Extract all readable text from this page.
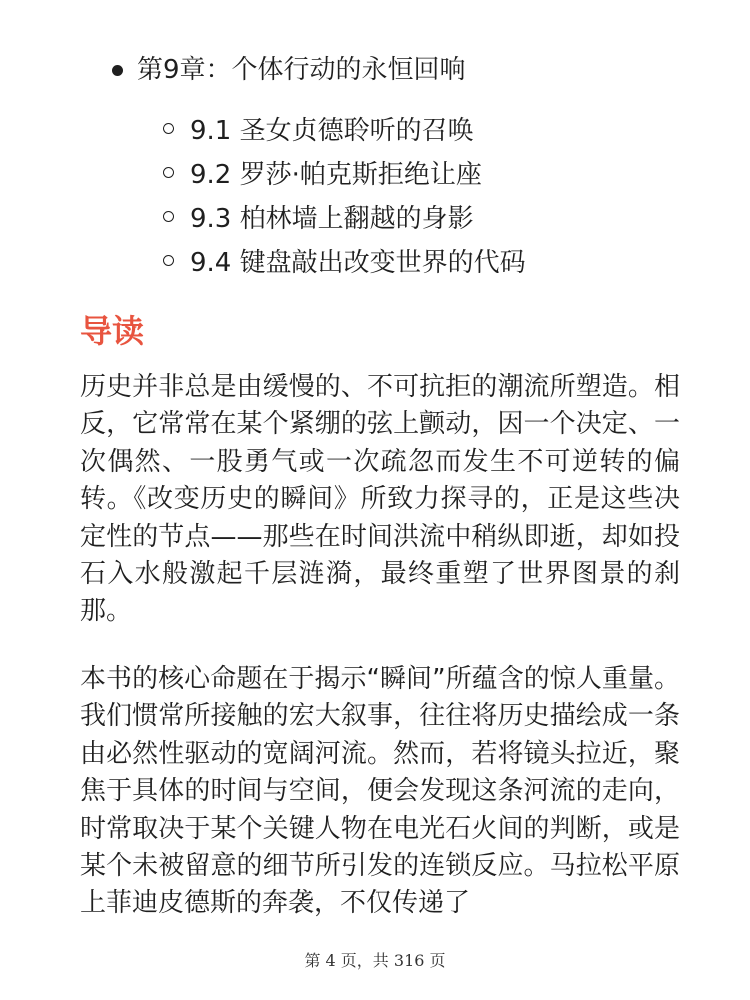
第9章：个体行动的永恒回响
9.1 圣女贞德聆听的召唤
9.2 罗莎·帕克斯拒绝让座
9.3 柏林墙上翻越的身影
9.4 键盘敲出改变世界的代码
导读

历史并非总是由缓慢的、不可抗拒的潮流所塑造。相反，它常常在某个紧绷的弦上颤动，因一个决定、一次偶然、一股勇气或一次疏忽而发生不可逆转的偏转。《改变历史的瞬间》所致力探寻的，正是这些决定性的节点——那些在时间洪流中稍纵即逝，却如投石入水般激起千层涟漪，最终重塑了世界图景的刹那。

本书的核心命题在于揭示“瞬间”所蕴含的惊人重量。我们惯常所接触的宏大叙事，往往将历史描绘成一条由必然性驱动的宽阔河流。然而，若将镜头拉近，聚焦于具体的时间与空间，便会发现这条河流的走向，时常取决于某个关键人物在电光石火间的判断，或是某个未被留意的细节所引发的连锁反应。马拉松平原上菲迪皮德斯的奔袭，不仅传递了

第 4 页，共 316 页
